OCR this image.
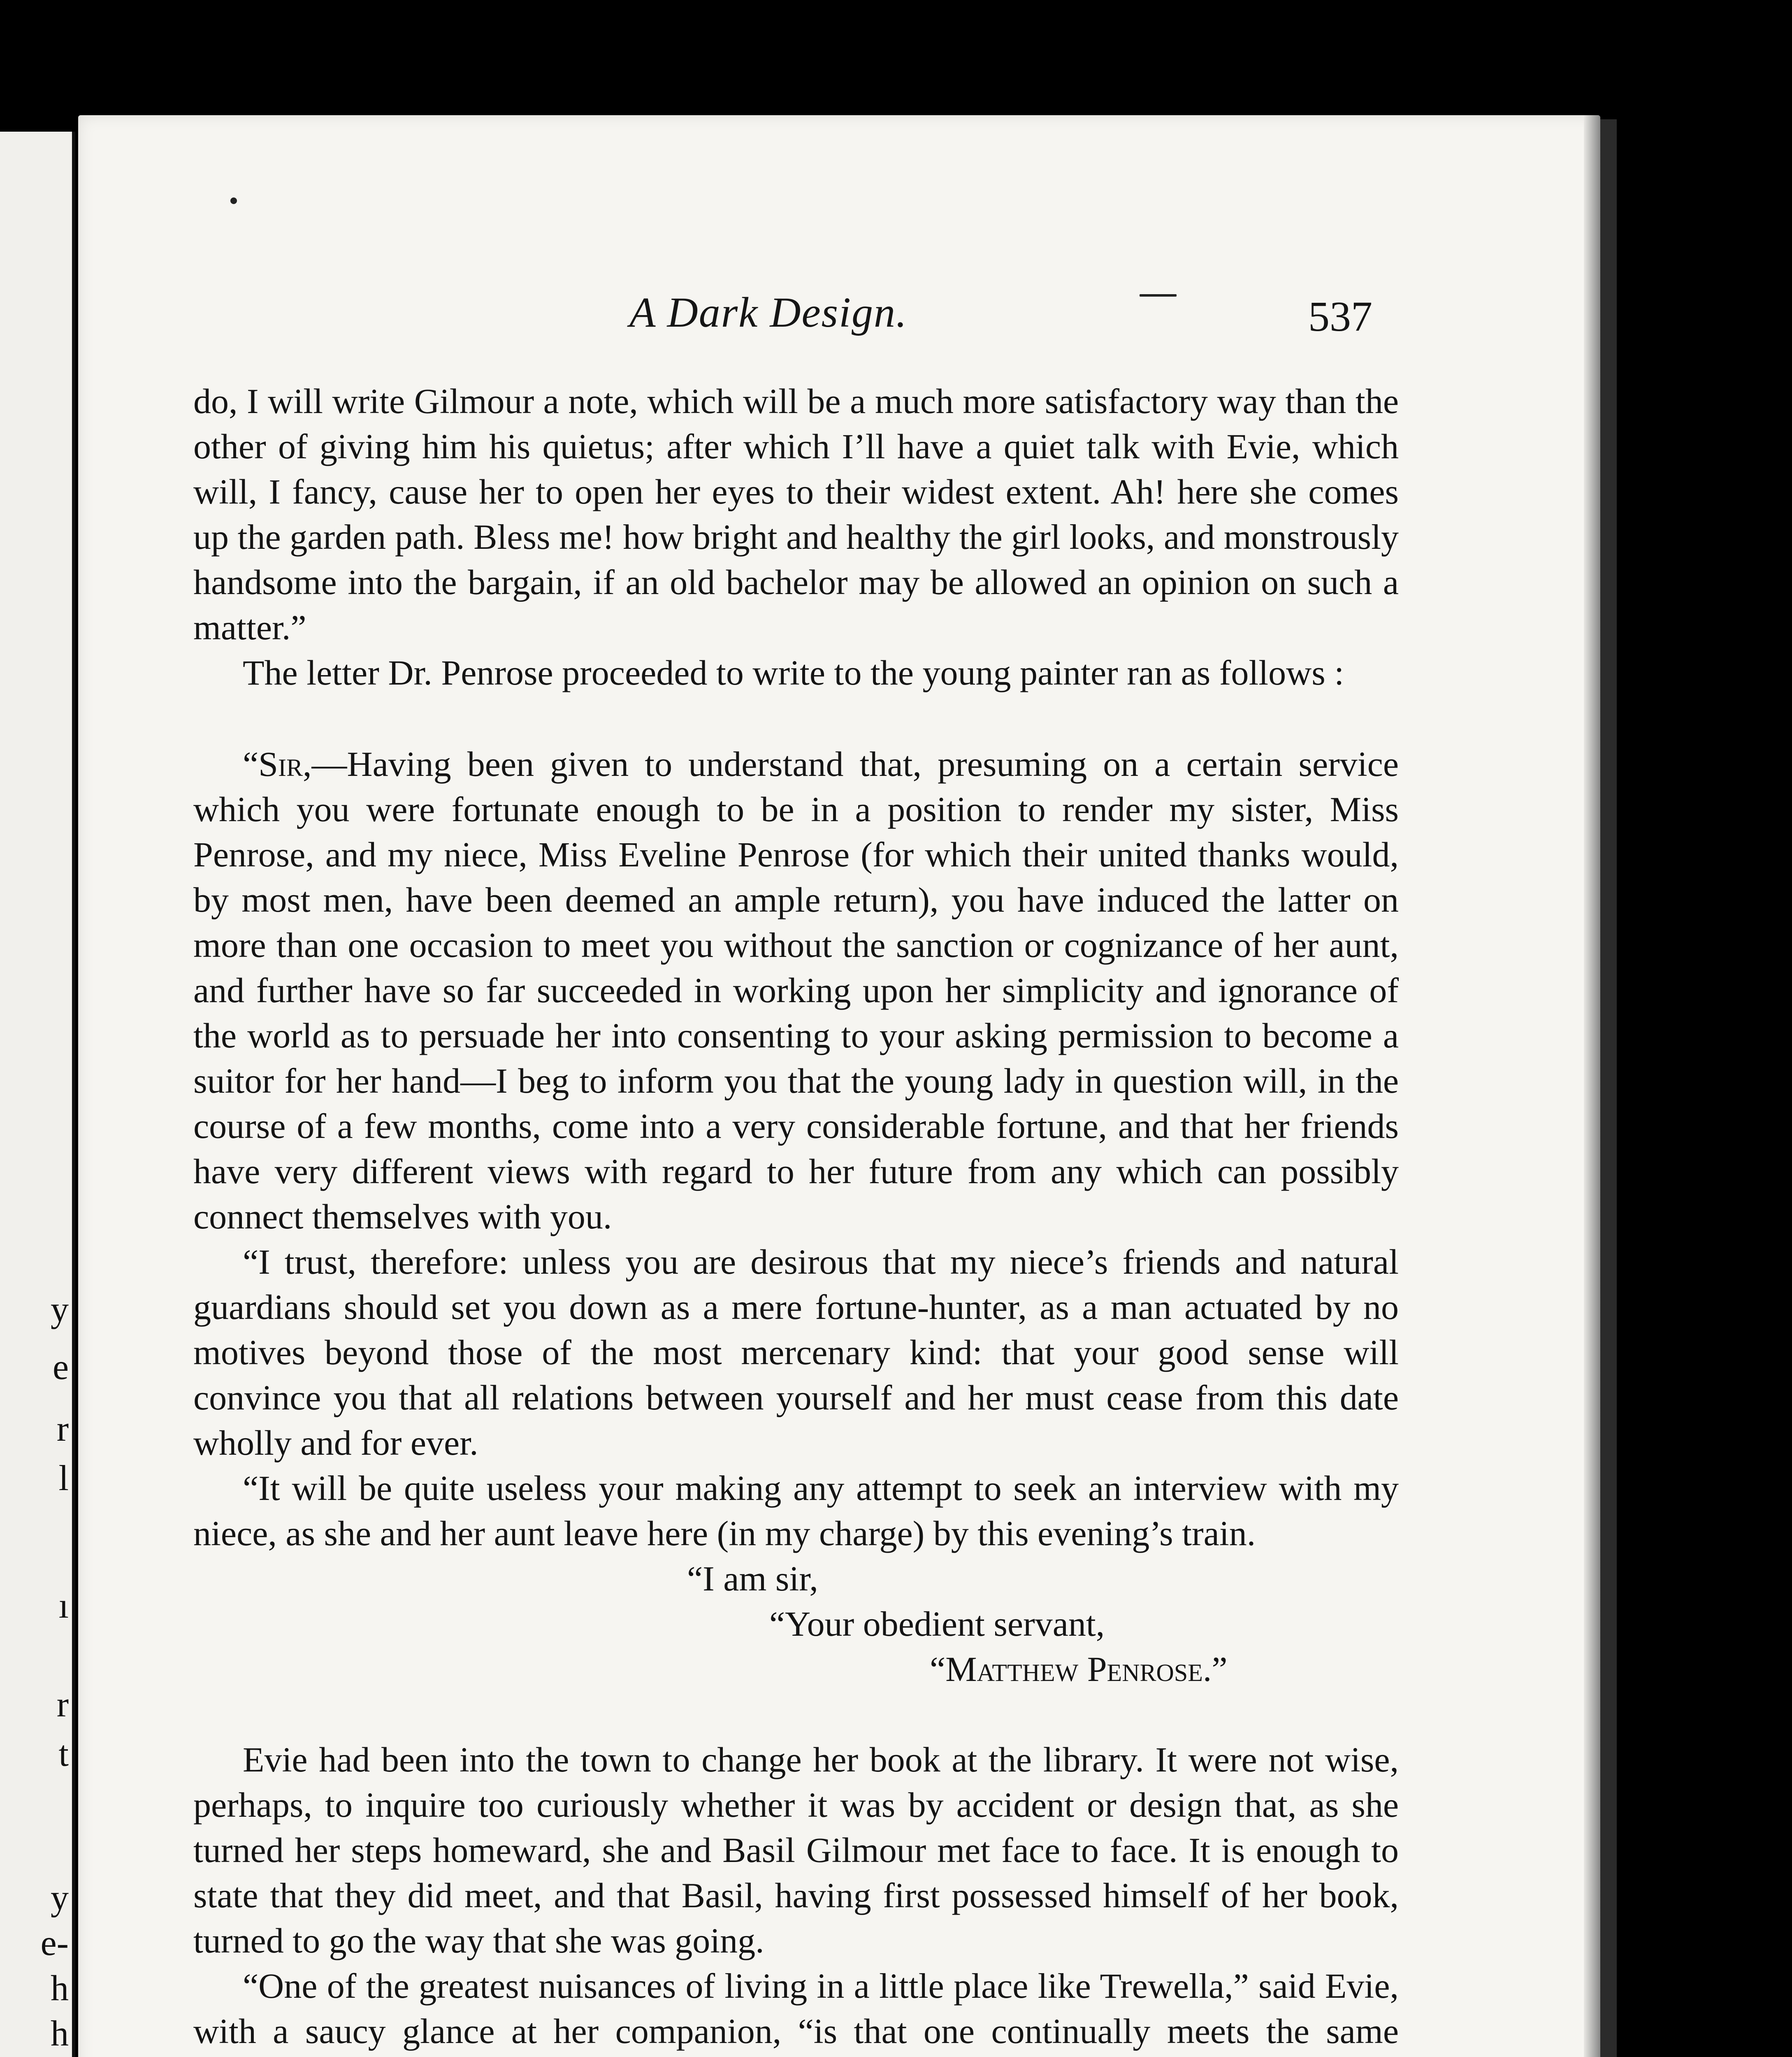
y
e
r
l
ı
r
t
y
e-
h
h
A Dark Design.	537

do, I will write Gilmour a note, which will be a much more satisfactory way than the other of giving him his quietus; after which I’ll have a quiet talk with Evie, which will, I fancy, cause her to open her eyes to their widest extent. Ah! here she comes up the garden path. Bless me! how bright and healthy the girl looks, and monstrously handsome into the bargain, if an old bachelor may be allowed an opinion on such a matter.”

The letter Dr. Penrose proceeded to write to the young painter ran as follows :

“Sir,—Having been given to understand that, presuming on a certain service which you were fortunate enough to be in a position to render my sister, Miss Penrose, and my niece, Miss Eveline Penrose (for which their united thanks would, by most men, have been deemed an ample return), you have induced the latter on more than one occasion to meet you without the sanction or cognizance of her aunt, and further have so far succeeded in working upon her simplicity and ignorance of the world as to persuade her into consenting to your asking permission to become a suitor for her hand—I beg to inform you that the young lady in question will, in the course of a few months, come into a very considerable fortune, and that her friends have very different views with regard to her future from any which can possibly connect themselves with you.

“I trust, therefore: unless you are desirous that my niece’s friends and natural guardians should set you down as a mere fortune-hunter, as a man actuated by no motives beyond those of the most mercenary kind: that your good sense will convince you that all relations between yourself and her must cease from this date wholly and for ever.

“It will be quite useless your making any attempt to seek an interview with my niece, as she and her aunt leave here (in my charge) by this evening’s train.

“I am sir,

“Your obedient servant,

“Matthew Penrose.”

Evie had been into the town to change her book at the library. It were not wise, perhaps, to inquire too curiously whether it was by accident or design that, as she turned her steps homeward, she and Basil Gilmour met face to face. It is enough to state that they did meet, and that Basil, having first possessed himself of her book, turned to go the way that she was going.

“One of the greatest nuisances of living in a little place like Trewella,” said Evie, with a saucy glance at her companion, “is that one continually meets the same
